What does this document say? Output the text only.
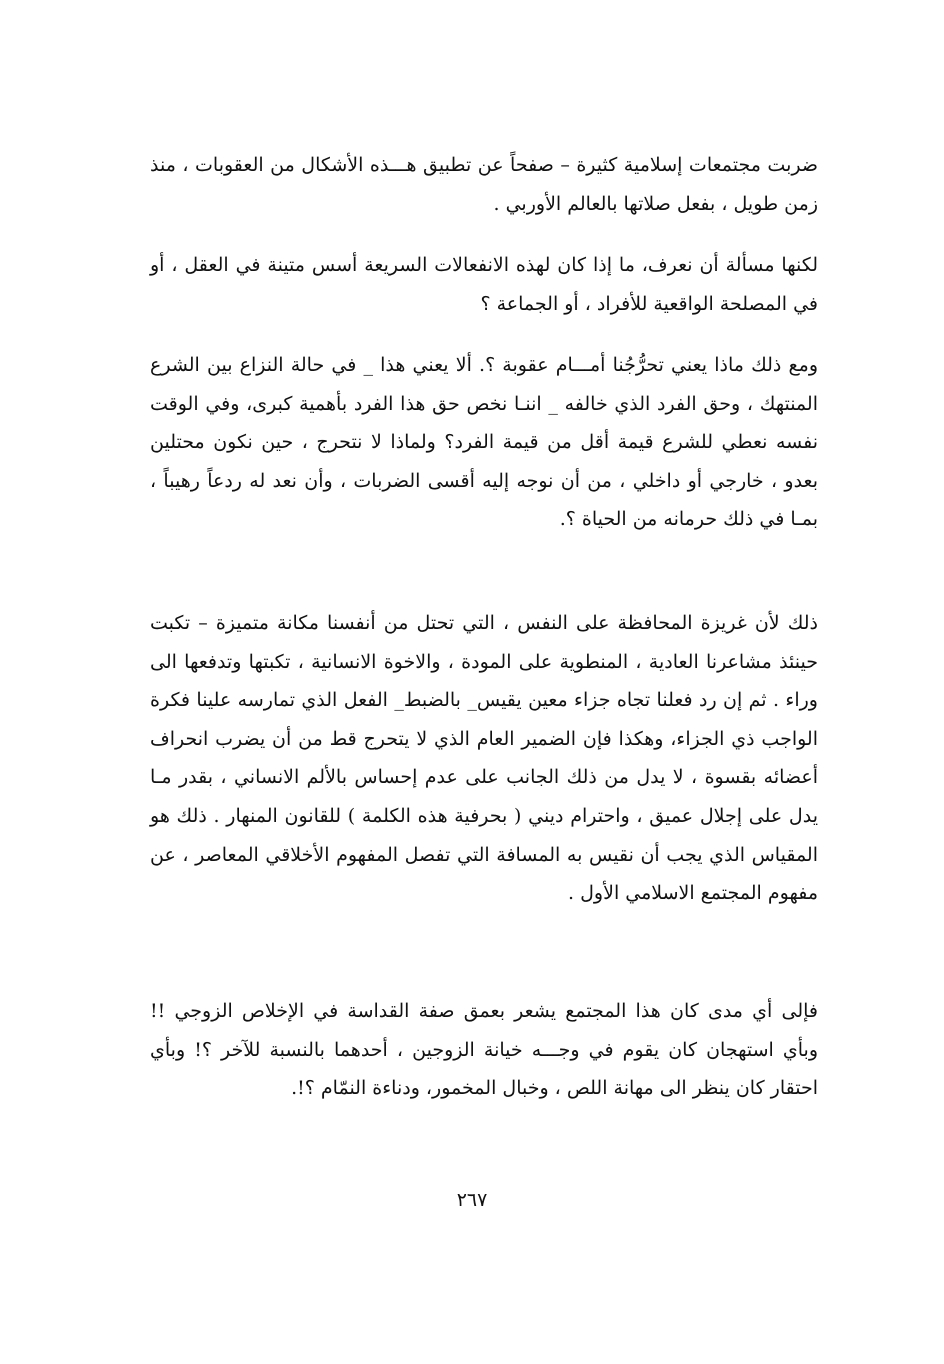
ضربت مجتمعات إسلامية كثيرة – صفحاً عن تطبيق هـــذه الأشكال من العقوبات ، منذ زمن طويل ، بفعل صلاتها بالعالم الأوربي .

لكنها مسألة أن نعرف، ما إذا كان لهذه الانفعالات السريعة أسس متينة في العقل ، أو في المصلحة الواقعية للأفراد ، أو الجماعة ؟

ومع ذلك ماذا يعني تحرُّجُنا أمـــام عقوبة ؟. ألا يعني هذا _ في حالة النزاع بين الشرع المنتهك ، وحق الفرد الذي خالفه _ اننـا نخص حق هذا الفرد بأهمية كبرى، وفي الوقت نفسه نعطي للشرع قيمة أقل من قيمة الفرد؟ ولماذا لا نتحرج ، حين نكون محتلين بعدو ، خارجي أو داخلي ، من أن نوجه إليه أقسى الضربات ، وأن نعد له ردعاً رهيباً ، بمـا في ذلك حرمانه من الحياة ؟.

ذلك لأن غريزة المحافظة على النفس ، التي تحتل من أنفسنا مكانة متميزة – تكبت حينئذ مشاعرنا العادية ، المنطوية على المودة ، والاخوة الانسانية ، تكبتها وتدفعها الى وراء . ثم إن رد فعلنا تجاه جزاء معين يقيس_ بالضبط_ الفعل الذي تمارسه علينا فكرة الواجب ذي الجزاء، وهكذا فإن الضمير العام الذي لا يتحرج قط من أن يضرب انحراف أعضائه بقسوة ، لا يدل من ذلك الجانب على عدم إحساس بالألم الانساني ، بقدر مـا يدل على إجلال عميق ، واحترام ديني ( بحرفية هذه الكلمة ) للقانون المنهار . ذلك هو المقياس الذي يجب أن نقيس به المسافة التي تفصل المفهوم الأخلاقي المعاصر ، عن مفهوم المجتمع الاسلامي الأول .

فإلى أي مدى كان هذا المجتمع يشعر بعمق صفة القداسة في الإخلاص الزوجي !! وبأي استهجان كان يقوم في وجـــه خيانة الزوجين ، أحدهما بالنسبة للآخر ؟! وبأي احتقار كان ينظر الى مهانة اللص ، وخبال المخمور، ودناءة النمّام ؟!.

٢٦٧
